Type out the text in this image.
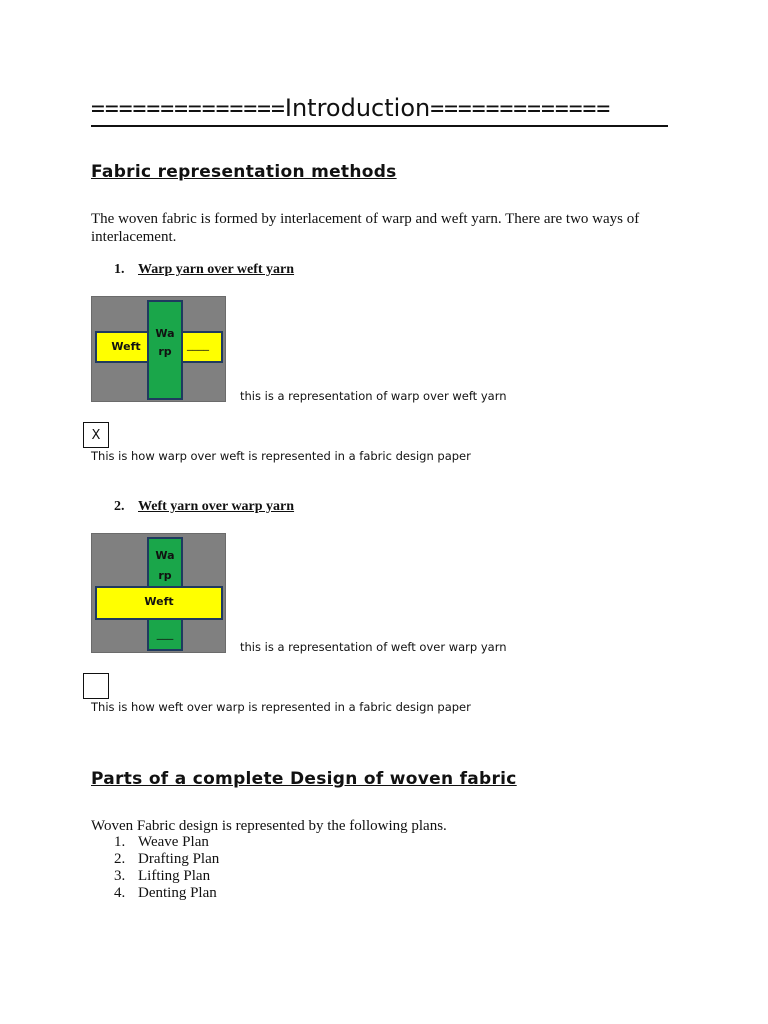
==============Introduction=============
Fabric representation methods
The woven fabric is formed by interlacement of warp and weft yarn. There are two ways of interlacement.
1. Warp yarn over weft yarn
Weft	____
Wa
rp
this is a representation of warp over weft yarn
X
This is how warp over weft is represented in a fabric design paper
2. Weft yarn over warp yarn
Wa
rp
___
Weft
this is a representation of weft over warp yarn
This is how weft over warp is represented in a fabric design paper
Parts of a complete Design of woven fabric
Woven Fabric design is represented by the following plans.
1. Weave Plan
2. Drafting Plan
3. Lifting Plan
4. Denting Plan
